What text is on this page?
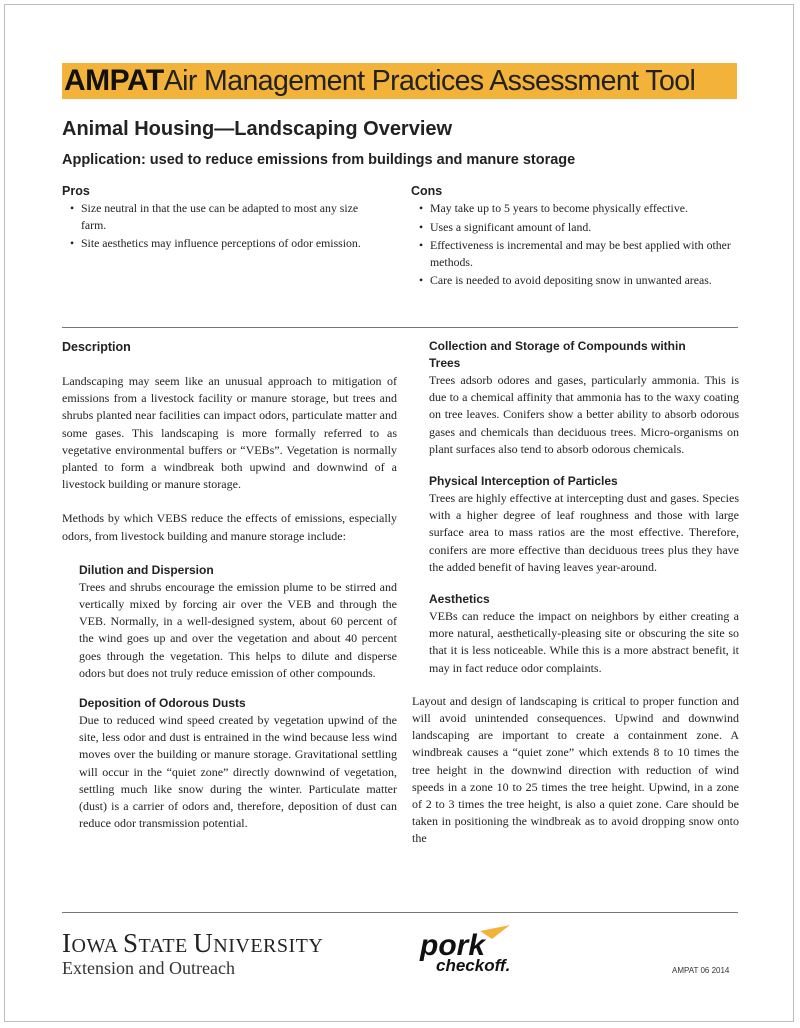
AMPAT Air Management Practices Assessment Tool
Animal Housing—Landscaping Overview
Application: used to reduce emissions from buildings and manure storage
Pros
• Size neutral in that the use can be adapted to most any size farm.
• Site aesthetics may influence perceptions of odor emission.
Cons
• May take up to 5 years to become physically effective.
• Uses a significant amount of land.
• Effectiveness is incremental and may be best applied with other methods.
• Care is needed to avoid depositing snow in unwanted areas.
Description

Landscaping may seem like an unusual approach to mitigation of emissions from a livestock facility or manure storage, but trees and shrubs planted near facilities can impact odors, particulate matter and some gases. This landscaping is more formally referred to as vegetative environmental buffers or “VEBs”. Vegetation is normally planted to form a windbreak both upwind and downwind of a livestock building or manure storage.

Methods by which VEBS reduce the effects of emissions, especially odors, from livestock building and manure storage include:

Dilution and Dispersion

Trees and shrubs encourage the emission plume to be stirred and vertically mixed by forcing air over the VEB and through the VEB. Normally, in a well-designed system, about 60 percent of the wind goes up and over the vegetation and about 40 percent goes through the vegetation. This helps to dilute and disperse odors but does not truly reduce emission of other compounds.

Deposition of Odorous Dusts

Due to reduced wind speed created by vegetation upwind of the site, less odor and dust is entrained in the wind because less wind moves over the building or manure storage. Gravitational settling will occur in the “quiet zone” directly downwind of vegetation, settling much like snow during the winter. Particulate matter (dust) is a carrier of odors and, therefore, deposition of dust can reduce odor transmission potential.

Collection and Storage of Compounds within Trees

Trees adsorb odores and gases, particularly ammonia. This is due to a chemical affinity that ammonia has to the waxy coating on tree leaves. Conifers show a better ability to absorb odorous gases and chemicals than deciduous trees. Micro-organisms on plant surfaces also tend to absorb odorous chemicals.

Physical Interception of Particles

Trees are highly effective at intercepting dust and gases. Species with a higher degree of leaf roughness and those with large surface area to mass ratios are the most effective. Therefore, conifers are more effective than deciduous trees plus they have the added benefit of having leaves year-around.

Aesthetics

VEBs can reduce the impact on neighbors by either creating a more natural, aesthetically-pleasing site or obscuring the site so that it is less noticeable. While this is a more abstract benefit, it may in fact reduce odor complaints.

Layout and design of landscaping is critical to proper function and will avoid unintended consequences. Upwind and downwind landscaping are important to create a containment zone. A windbreak causes a “quiet zone” which extends 8 to 10 times the tree height in the downwind direction with reduction of wind speeds in a zone 10 to 25 times the tree height. Upwind, in a zone of 2 to 3 times the tree height, is also a quiet zone. Care should be taken in positioning the windbreak as to avoid dropping snow onto the

IOWA STATE UNIVERSITY
Extension and Outreach
pork
checkoff.	AMPAT 06 2014
